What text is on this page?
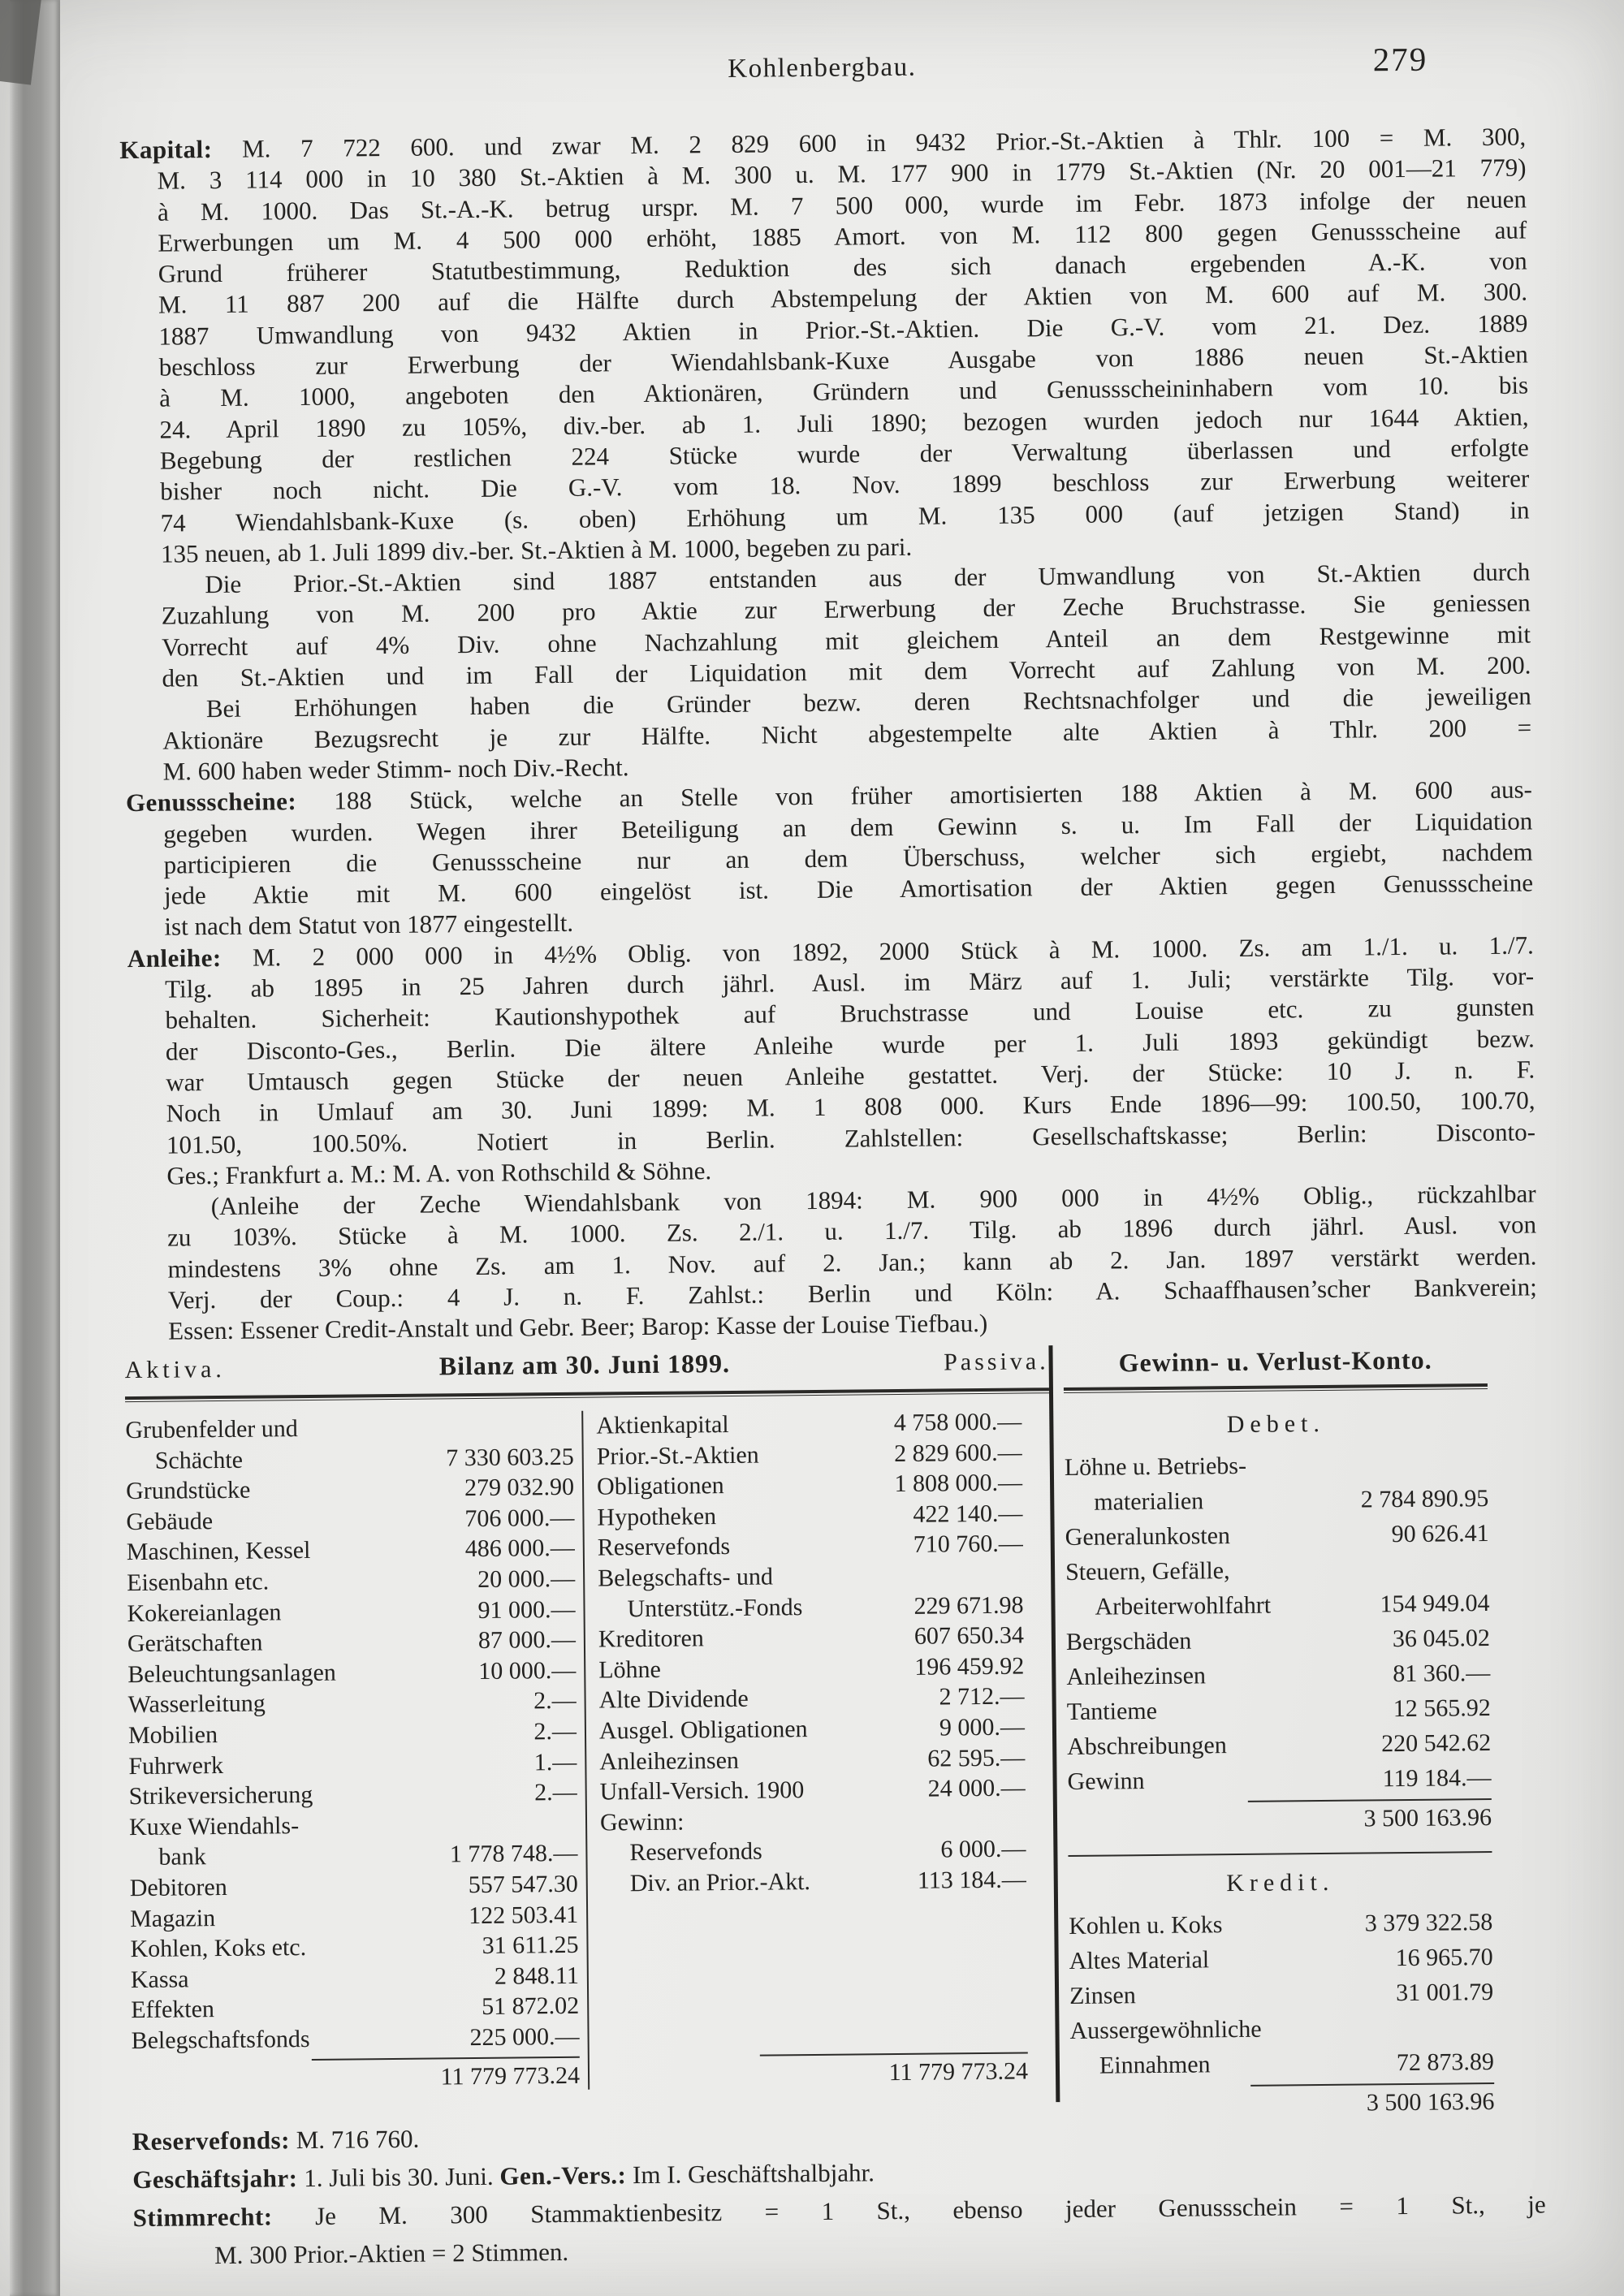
Kohlenbergbau.	279
Kapital: M. 7 722 600. und zwar M. 2 829 600 in 9432 Prior.-St.-Aktien à Thlr. 100 = M. 300,
M. 3 114 000 in 10 380 St.-Aktien à M. 300 u. M. 177 900 in 1779 St.-Aktien (Nr. 20 001—21 779)
à M. 1000. Das St.-A.-K. betrug urspr. M. 7 500 000, wurde im Febr. 1873 infolge der neuen
Erwerbungen um M. 4 500 000 erhöht, 1885 Amort. von M. 112 800 gegen Genussscheine auf
Grund früherer Statutbestimmung, Reduktion des sich danach ergebenden A.-K. von
M. 11 887 200 auf die Hälfte durch Abstempelung der Aktien von M. 600 auf M. 300.
1887 Umwandlung von 9432 Aktien in Prior.-St.-Aktien. Die G.-V. vom 21. Dez. 1889
beschloss zur Erwerbung der Wiendahlsbank-Kuxe Ausgabe von 1886 neuen St.-Aktien
à M. 1000, angeboten den Aktionären, Gründern und Genussscheininhabern vom 10. bis
24. April 1890 zu 105%, div.-ber. ab 1. Juli 1890; bezogen wurden jedoch nur 1644 Aktien,
Begebung der restlichen 224 Stücke wurde der Verwaltung überlassen und erfolgte
bisher noch nicht. Die G.-V. vom 18. Nov. 1899 beschloss zur Erwerbung weiterer
74 Wiendahlsbank-Kuxe (s. oben) Erhöhung um M. 135 000 (auf jetzigen Stand) in
135 neuen, ab 1. Juli 1899 div.-ber. St.-Aktien à M. 1000, begeben zu pari.
Die Prior.-St.-Aktien sind 1887 entstanden aus der Umwandlung von St.-Aktien durch
Zuzahlung von M. 200 pro Aktie zur Erwerbung der Zeche Bruchstrasse. Sie geniessen
Vorrecht auf 4% Div. ohne Nachzahlung mit gleichem Anteil an dem Restgewinne mit
den St.-Aktien und im Fall der Liquidation mit dem Vorrecht auf Zahlung von M. 200.
Bei Erhöhungen haben die Gründer bezw. deren Rechtsnachfolger und die jeweiligen
Aktionäre Bezugsrecht je zur Hälfte. Nicht abgestempelte alte Aktien à Thlr. 200 =
M. 600 haben weder Stimm- noch Div.-Recht.
Genussscheine: 188 Stück, welche an Stelle von früher amortisierten 188 Aktien à M. 600 aus-
gegeben wurden. Wegen ihrer Beteiligung an dem Gewinn s. u. Im Fall der Liquidation
participieren die Genussscheine nur an dem Überschuss, welcher sich ergiebt, nachdem
jede Aktie mit M. 600 eingelöst ist. Die Amortisation der Aktien gegen Genussscheine
ist nach dem Statut von 1877 eingestellt.
Anleihe: M. 2 000 000 in 4½% Oblig. von 1892, 2000 Stück à M. 1000. Zs. am 1./1. u. 1./7.
Tilg. ab 1895 in 25 Jahren durch jährl. Ausl. im März auf 1. Juli; verstärkte Tilg. vor-
behalten. Sicherheit: Kautionshypothek auf Bruchstrasse und Louise etc. zu gunsten
der Disconto-Ges., Berlin. Die ältere Anleihe wurde per 1. Juli 1893 gekündigt bezw.
war Umtausch gegen Stücke der neuen Anleihe gestattet. Verj. der Stücke: 10 J. n. F.
Noch in Umlauf am 30. Juni 1899: M. 1 808 000. Kurs Ende 1896—99: 100.50, 100.70,
101.50, 100.50%. Notiert in Berlin. Zahlstellen: Gesellschaftskasse; Berlin: Disconto-
Ges.; Frankfurt a. M.: M. A. von Rothschild & Söhne.
(Anleihe der Zeche Wiendahlsbank von 1894: M. 900 000 in 4½% Oblig., rückzahlbar
zu 103%. Stücke à M. 1000. Zs. 2./1. u. 1./7. Tilg. ab 1896 durch jährl. Ausl. von
mindestens 3% ohne Zs. am 1. Nov. auf 2. Jan.; kann ab 2. Jan. 1897 verstärkt werden.
Verj. der Coup.: 4 J. n. F. Zahlst.: Berlin und Köln: A. Schaaffhausen’scher Bankverein;
Essen: Essener Credit-Anstalt und Gebr. Beer; Barop: Kasse der Louise Tiefbau.)
Aktiva.	Bilanz am 30. Juni 1899.	Passiva.
Grubenfelder und
Schächte	7 330 603.25
Grundstücke	279 032.90
Gebäude	706 000.—
Maschinen, Kessel	486 000.—
Eisenbahn etc.	20 000.—
Kokereianlagen	91 000.—
Gerätschaften	87 000.—
Beleuchtungsanlagen	10 000.—
Wasserleitung	2.—
Mobilien	2.—
Fuhrwerk	1.—
Strikeversicherung	2.—
Kuxe Wiendahls-
bank	1 778 748.—
Debitoren	557 547.30
Magazin	122 503.41
Kohlen, Koks etc.	31 611.25
Kassa	2 848.11
Effekten	51 872.02
Belegschaftsfonds	225 000.—
11 779 773.24
Aktienkapital	4 758 000.—
Prior.-St.-Aktien	2 829 600.—
Obligationen	1 808 000.—
Hypotheken	422 140.—
Reservefonds	710 760.—
Belegschafts- und
Unterstütz.-Fonds	229 671.98
Kreditoren	607 650.34
Löhne	196 459.92
Alte Dividende	2 712.—
Ausgel. Obligationen	9 000.—
Anleihezinsen	62 595.—
Unfall-Versich. 1900	24 000.—
Gewinn:
Reservefonds	6 000.—
Div. an Prior.-Akt.	113 184.—
11 779 773.24
Gewinn- u. Verlust-Konto.
Debet.
Löhne u. Betriebs-
materialien	2 784 890.95
Generalunkosten	90 626.41
Steuern, Gefälle,
Arbeiterwohlfahrt	154 949.04
Bergschäden	36 045.02
Anleihezinsen	81 360.—
Tantieme	12 565.92
Abschreibungen	220 542.62
Gewinn	119 184.—
3 500 163.96
Kredit.
Kohlen u. Koks	3 379 322.58
Altes Material	16 965.70
Zinsen	31 001.79
Aussergewöhnliche
Einnahmen	72 873.89
3 500 163.96
Reservefonds: M. 716 760.
Geschäftsjahr: 1. Juli bis 30. Juni. Gen.-Vers.: Im I. Geschäftshalbjahr.
Stimmrecht: Je M. 300 Stammaktienbesitz = 1 St., ebenso jeder Genussschein = 1 St., je
M. 300 Prior.-Aktien = 2 Stimmen.
